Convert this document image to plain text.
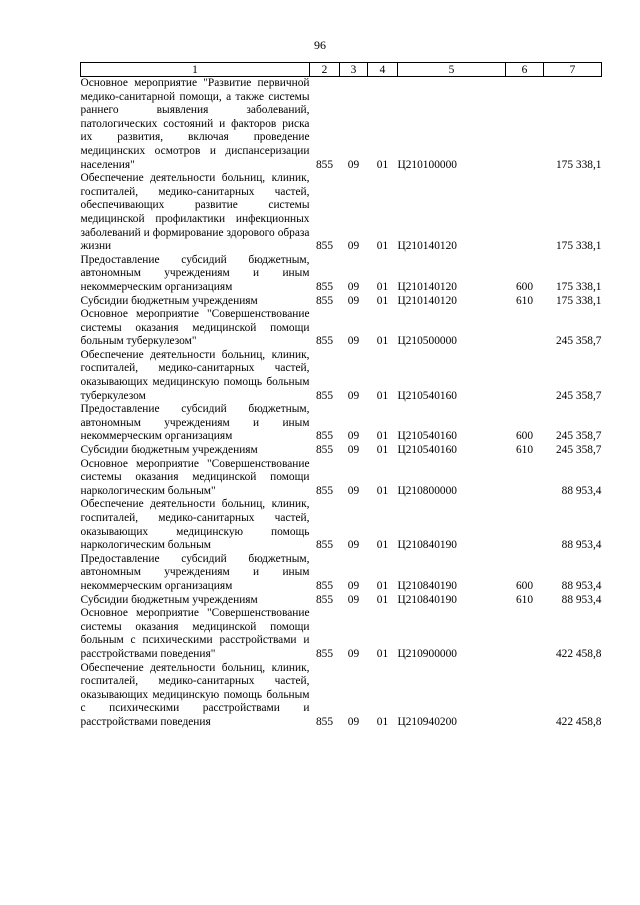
96
1	2	3	4	5	6	7
Основное мероприятие "Развитие первичной медико-санитарной помощи, а также системы раннего выявления заболеваний, патологических состояний и факторов риска их развития, включая проведение медицинских осмотров и диспансеризации населения"	855	09	01	Ц210100000		175 338,1
Обеспечение деятельности больниц, клиник, госпиталей, медико-санитарных частей, обеспечивающих развитие системы медицинской профилактики инфекционных заболеваний и формирование здорового образа жизни	855	09	01	Ц210140120		175 338,1
Предоставление субсидий бюджетным, автономным учреждениям и иным некоммерческим организациям	855	09	01	Ц210140120	600	175 338,1
Субсидии бюджетным учреждениям	855	09	01	Ц210140120	610	175 338,1
Основное мероприятие "Совершенствование системы оказания медицинской помощи больным туберкулезом"	855	09	01	Ц210500000		245 358,7
Обеспечение деятельности больниц, клиник, госпиталей, медико-санитарных частей, оказывающих медицинскую помощь больным туберкулезом	855	09	01	Ц210540160		245 358,7
Предоставление субсидий бюджетным, автономным учреждениям и иным некоммерческим организациям	855	09	01	Ц210540160	600	245 358,7
Субсидии бюджетным учреждениям	855	09	01	Ц210540160	610	245 358,7
Основное мероприятие "Совершенствование системы оказания медицинской помощи наркологическим больным"	855	09	01	Ц210800000		88 953,4
Обеспечение деятельности больниц, клиник, госпиталей, медико-санитарных частей, оказывающих медицинскую помощь наркологическим больным	855	09	01	Ц210840190		88 953,4
Предоставление субсидий бюджетным, автономным учреждениям и иным некоммерческим организациям	855	09	01	Ц210840190	600	88 953,4
Субсидии бюджетным учреждениям	855	09	01	Ц210840190	610	88 953,4
Основное мероприятие "Совершенствование системы оказания медицинской помощи больным с психическими расстройствами и расстройствами поведения"	855	09	01	Ц210900000		422 458,8
Обеспечение деятельности больниц, клиник, госпиталей, медико-санитарных частей, оказывающих медицинскую помощь больным с психическими расстройствами и расстройствами поведения	855	09	01	Ц210940200		422 458,8
